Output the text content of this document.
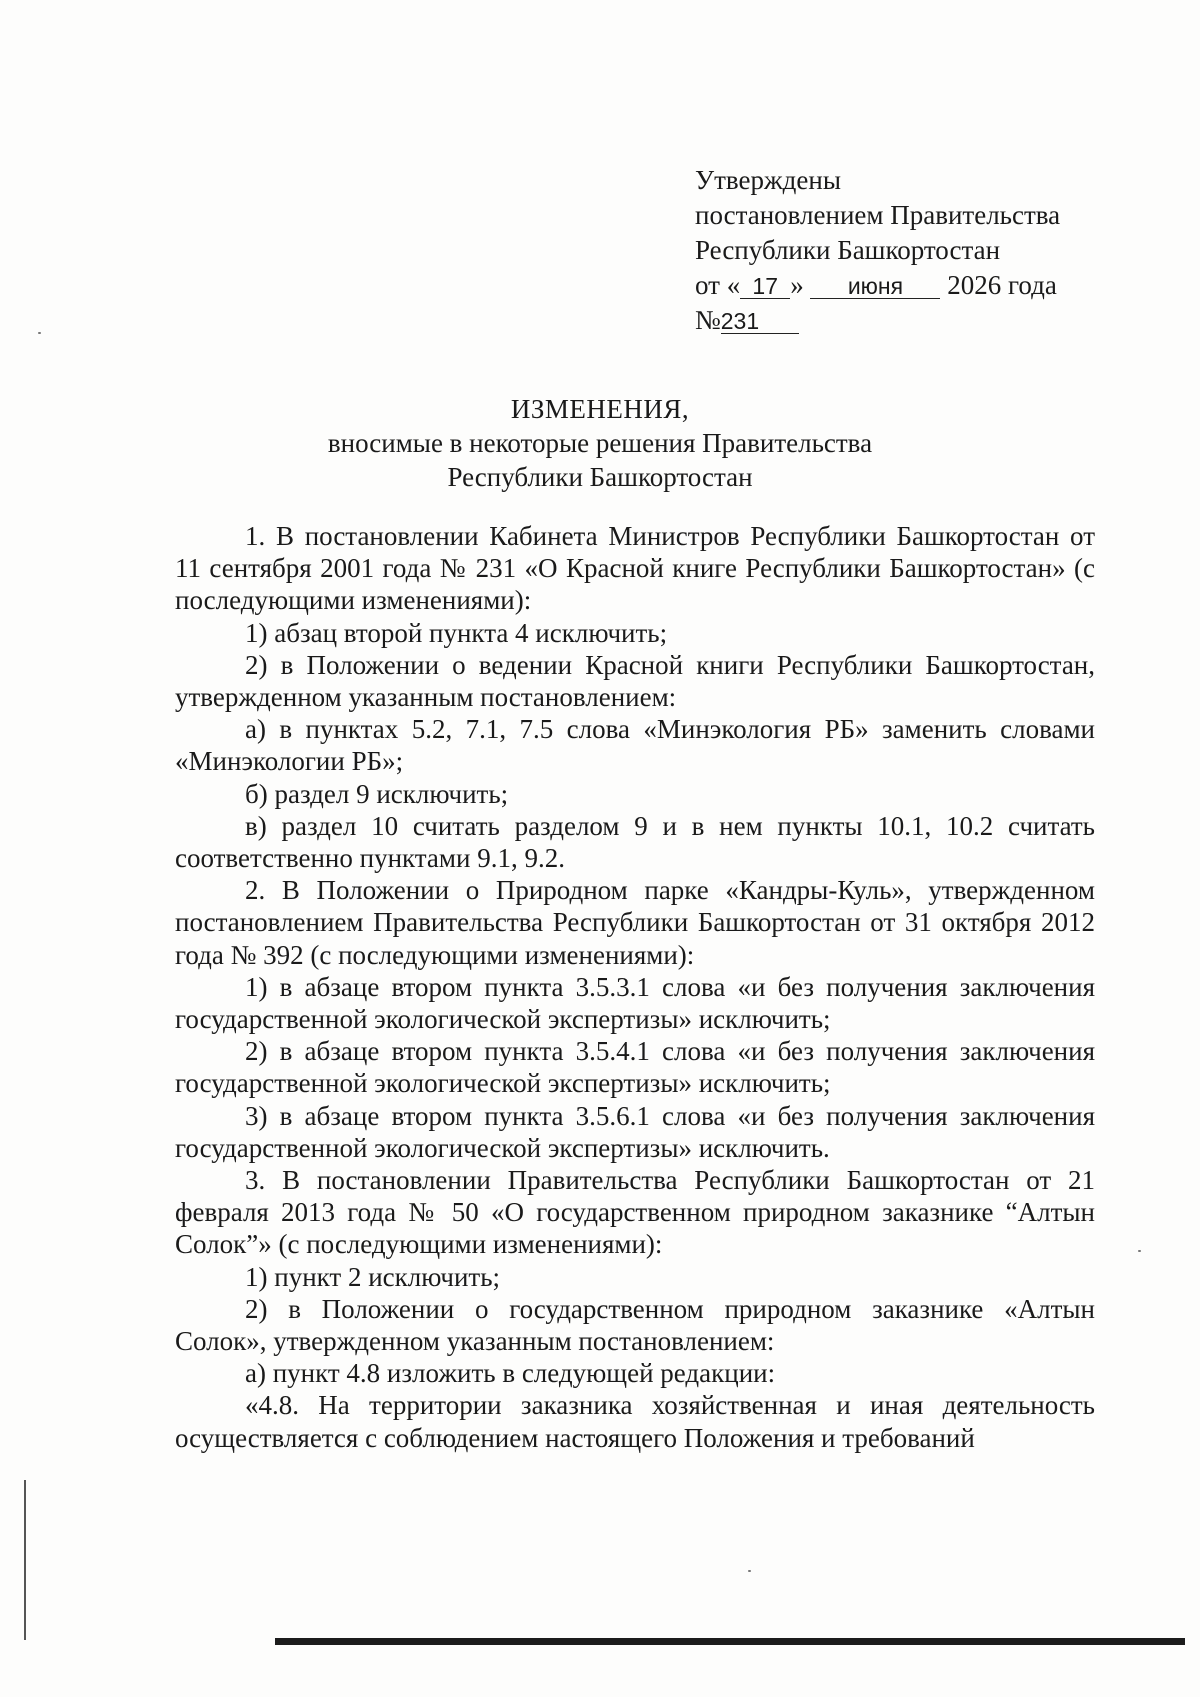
Утверждены
постановлением Правительства
Республики Башкортостан
от « 17 » июня 2026 года
№231
ИЗМЕНЕНИЯ,
вносимые в некоторые решения Правительства
Республики Башкортостан

1. В постановлении Кабинета Министров Республики Башкортостан от 11 сентября 2001 года № 231 «О Красной книге Республики Башкортостан» (с последующими изменениями):

1) абзац второй пункта 4 исключить;

2) в Положении о ведении Красной книги Республики Башкортостан, утвержденном указанным постановлением:

а) в пунктах 5.2, 7.1, 7.5 слова «Минэкология РБ» заменить словами «Минэкологии РБ»;

б) раздел 9 исключить;

в) раздел 10 считать разделом 9 и в нем пункты 10.1, 10.2 считать соответственно пунктами 9.1, 9.2.

2. В Положении о Природном парке «Кандры-Куль», утвержденном постановлением Правительства Республики Башкортостан от 31 октября 2012 года № 392 (с последующими изменениями):

1) в абзаце втором пункта 3.5.3.1 слова «и без получения заключения государственной экологической экспертизы» исключить;

2) в абзаце втором пункта 3.5.4.1 слова «и без получения заключения государственной экологической экспертизы» исключить;

3) в абзаце втором пункта 3.5.6.1 слова «и без получения заключения государственной экологической экспертизы» исключить.

3. В постановлении Правительства Республики Башкортостан от 21 февраля 2013 года № 50 «О государственном природном заказнике “Алтын Солок”» (с последующими изменениями):

1) пункт 2 исключить;

2) в Положении о государственном природном заказнике «Алтын Солок», утвержденном указанным постановлением:

а) пункт 4.8 изложить в следующей редакции:

«4.8. На территории заказника хозяйственная и иная деятельность осуществляется с соблюдением настоящего Положения и требований
